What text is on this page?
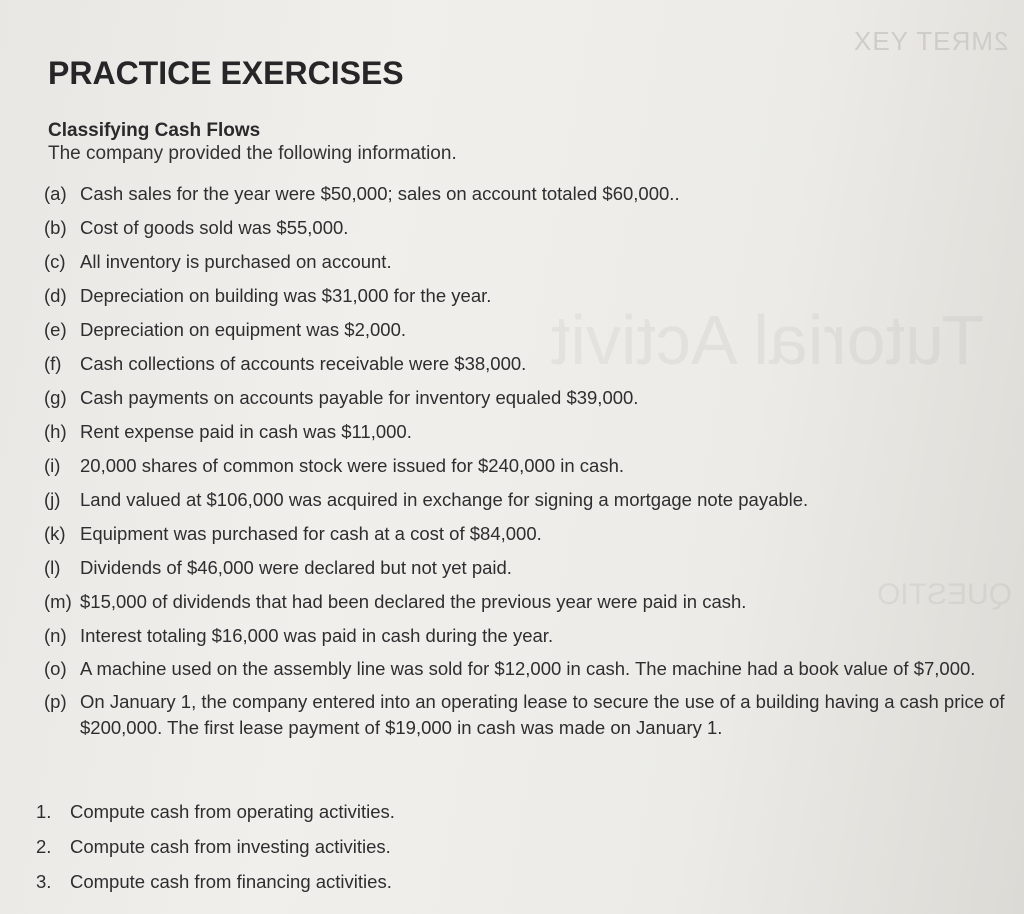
2MRƎT YƎX
Tutorial Activit
QUESTIO
PRACTICE EXERCISES
Classifying Cash Flows
The company provided the following information.
(a) Cash sales for the year were $50,000; sales on account totaled $60,000..
(b) Cost of goods sold was $55,000.
(c) All inventory is purchased on account.
(d) Depreciation on building was $31,000 for the year.
(e) Depreciation on equipment was $2,000.
(f)	Cash collections of accounts receivable were $38,000.
(g) Cash payments on accounts payable for inventory equaled $39,000.
(h) Rent expense paid in cash was $11,000.
(i)	20,000 shares of common stock were issued for $240,000 in cash.
(j)	Land valued at $106,000 was acquired in exchange for signing a mortgage note payable.
(k) Equipment was purchased for cash at a cost of $84,000.
(l)	Dividends of $46,000 were declared but not yet paid.
(m) $15,000 of dividends that had been declared the previous year were paid in cash.
(n) Interest totaling $16,000 was paid in cash during the year.
(o) A machine used on the assembly line was sold for $12,000 in cash. The machine had a book value of $7,000.
(p) On January 1, the company entered into an operating lease to secure the use of a building having a cash price of $200,000. The first lease payment of $19,000 in cash was made on January 1.
1.	Compute cash from operating activities.
2.	Compute cash from investing activities.
3.	Compute cash from financing activities.
